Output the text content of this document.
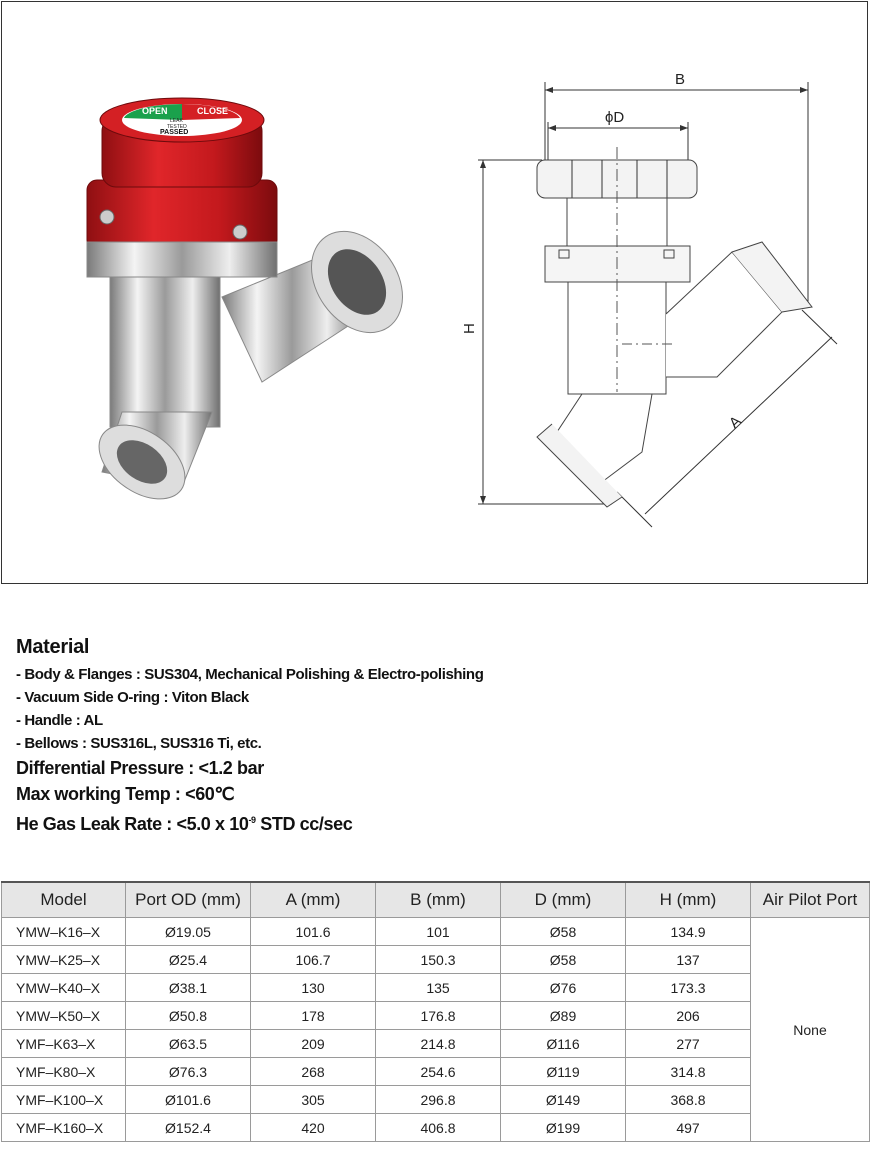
OPEN	CLOSE
LEAK
TESTED
PASSED
B
ϕD
H
A
Material
- Body & Flanges : SUS304, Mechanical Polishing & Electro-polishing
- Vacuum Side O-ring : Viton Black
- Handle : AL
- Bellows : SUS316L, SUS316 Ti, etc.
Differential Pressure : <1.2 bar
Max working Temp : <60℃
He Gas Leak Rate : <5.0 x $10^{-9}$ STD cc/sec
Model	Port OD (mm)	A (mm)	B (mm)	D (mm)	H (mm)	Air Pilot Port
YMW–K16–X	Ø19.05	101.6	101	Ø58	134.9	None
YMW–K25–X	Ø25.4	106.7	150.3	Ø58	137	
YMW–K40–X	Ø38.1	130	135	Ø76	173.3	
YMW–K50–X	Ø50.8	178	176.8	Ø89	206	
YMF–K63–X	Ø63.5	209	214.8	Ø116	277	
YMF–K80–X	Ø76.3	268	254.6	Ø119	314.8	
YMF–K100–X	Ø101.6	305	296.8	Ø149	368.8	
YMF–K160–X	Ø152.4	420	406.8	Ø199	497	
